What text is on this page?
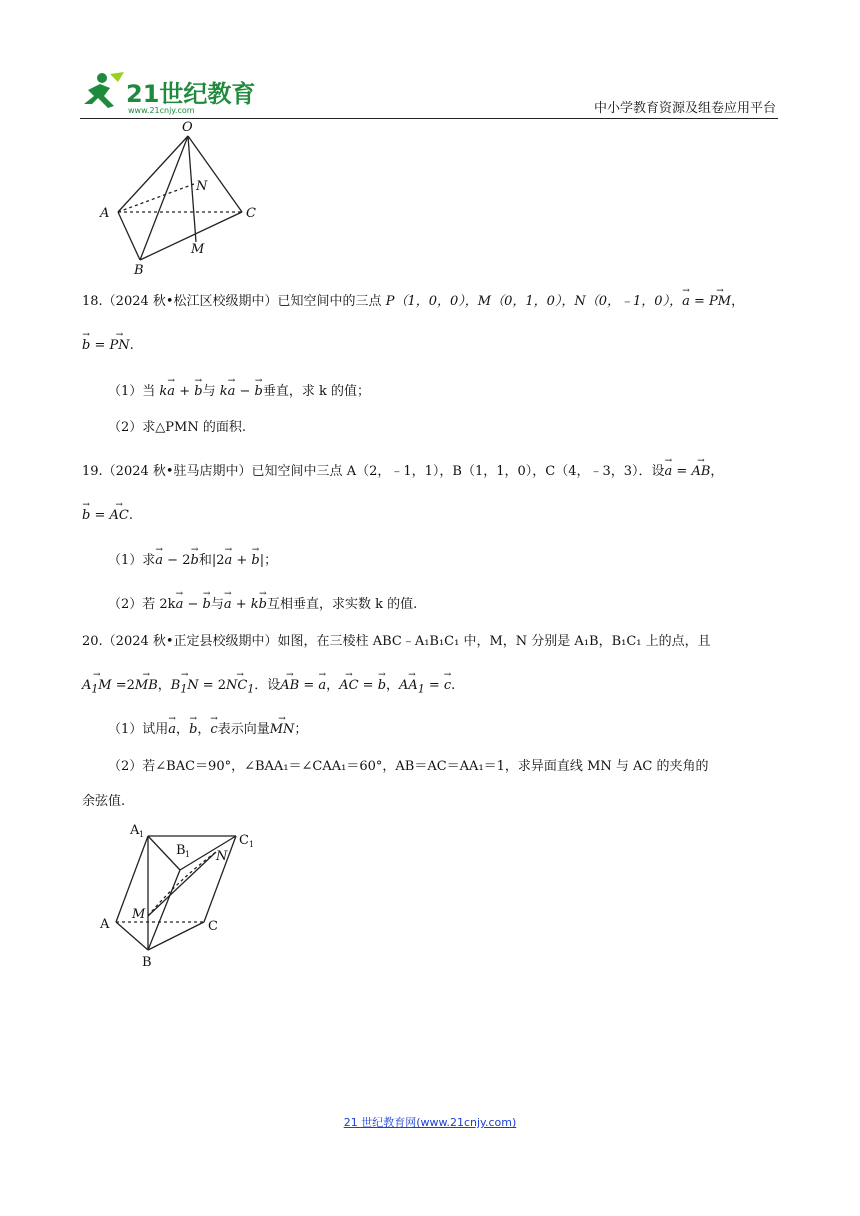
21世纪教育
www.21cnjy.com	中小学教育资源及组卷应用平台
O
N
A	C
M
B
18.（2024 秋•松江区校级期中）已知空间中的三点 P（1，0，0），M（0，1，0），N（0，﹣1，0），→ a = → PM，
→ b = → PN.
（1）当 k→ a + → b与 k→ a − → b垂直，求 k 的值；
（2）求△PMN 的面积.
19.（2024 秋•驻马店期中）已知空间中三点 A（2，﹣1，1），B（1，1，0），C（4，﹣3，3）．设→ a = → AB，
→ b = → AC.
（1）求→ a − 2→ b和|2→ a + → b|；
（2）若 2k→ a − → b与→ a + k→ b互相垂直，求实数 k 的值.
20.（2024 秋•正定县校级期中）如图，在三棱柱 ABC﹣A₁B₁C₁ 中，M，N 分别是 A₁B，B₁C₁ 上的点，且
→ $A_1M =2\to$ MB，→ $B_1N = 2\to NC_1$．设→ AB = → a，→ AC = → b，→ $AA_1$ = → c.
（1）试用→ a，→ b，→ c表示向量→ MN；
（2）若∠BAC＝90°，∠BAA₁＝∠CAA₁＝60°，AB＝AC＝AA₁＝1，求异面直线 MN 与 AC 的夹角的
余弦值.
A 1	C 1
B 1 N
M
A	C
B
21 世纪教育网(www.21cnjy.com)
